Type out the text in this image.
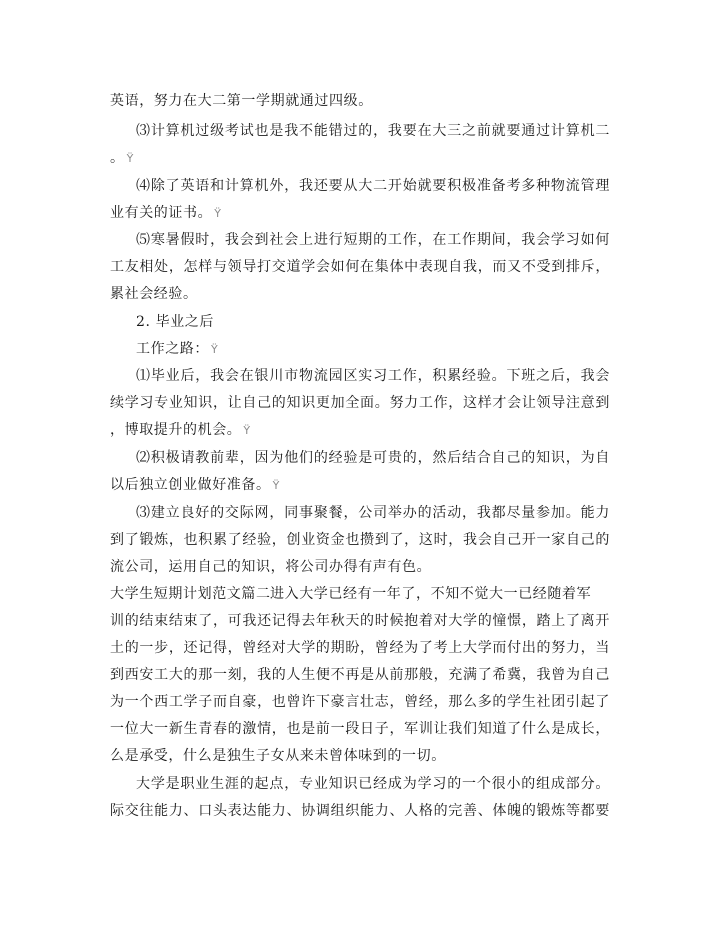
英语，努力在大二第一学期就通过四级。
⑶计算机过级考试也是我不能错过的，我要在大三之前就要通过计算机二
。 Ÿ
⑷除了英语和计算机外，我还要从大二开始就要积极准备考多种物流管理
业有关的证书。 Ÿ
⑸寒暑假时，我会到社会上进行短期的工作，在工作期间，我会学习如何
工友相处，怎样与领导打交道学会如何在集体中表现自我，而又不受到排斥，
累社会经验。
2. 毕业之后
工作之路： Ÿ
⑴毕业后，我会在银川市物流园区实习工作，积累经验。下班之后，我会
续学习专业知识，让自己的知识更加全面。努力工作，这样才会让领导注意到
，博取提升的机会。 Ÿ
⑵积极请教前辈，因为他们的经验是可贵的，然后结合自己的知识，为自
以后独立创业做好准备。 Ÿ
⑶建立良好的交际网，同事聚餐，公司举办的活动，我都尽量参加。能力
到了锻炼，也积累了经验，创业资金也攒到了，这时，我会自己开一家自己的
流公司，运用自己的知识，将公司办得有声有色。
大学生短期计划范文篇二进入大学已经有一年了，不知不觉大一已经随着军
训的结束结束了，可我还记得去年秋天的时候抱着对大学的憧憬，踏上了离开
土的一步，还记得，曾经对大学的期盼，曾经为了考上大学而付出的努力，当
到西安工大的那一刻，我的人生便不再是从前那般，充满了希冀，我曾为自己
为一个西工学子而自豪，也曾许下豪言壮志，曾经，那么多的学生社团引起了
一位大一新生青春的激情，也是前一段日子，军训让我们知道了什么是成长，
么是承受，什么是独生子女从来未曾体味到的一切。
大学是职业生涯的起点，专业知识已经成为学习的一个很小的组成部分。
际交往能力、口头表达能力、协调组织能力、人格的完善、体魄的锻炼等都要
